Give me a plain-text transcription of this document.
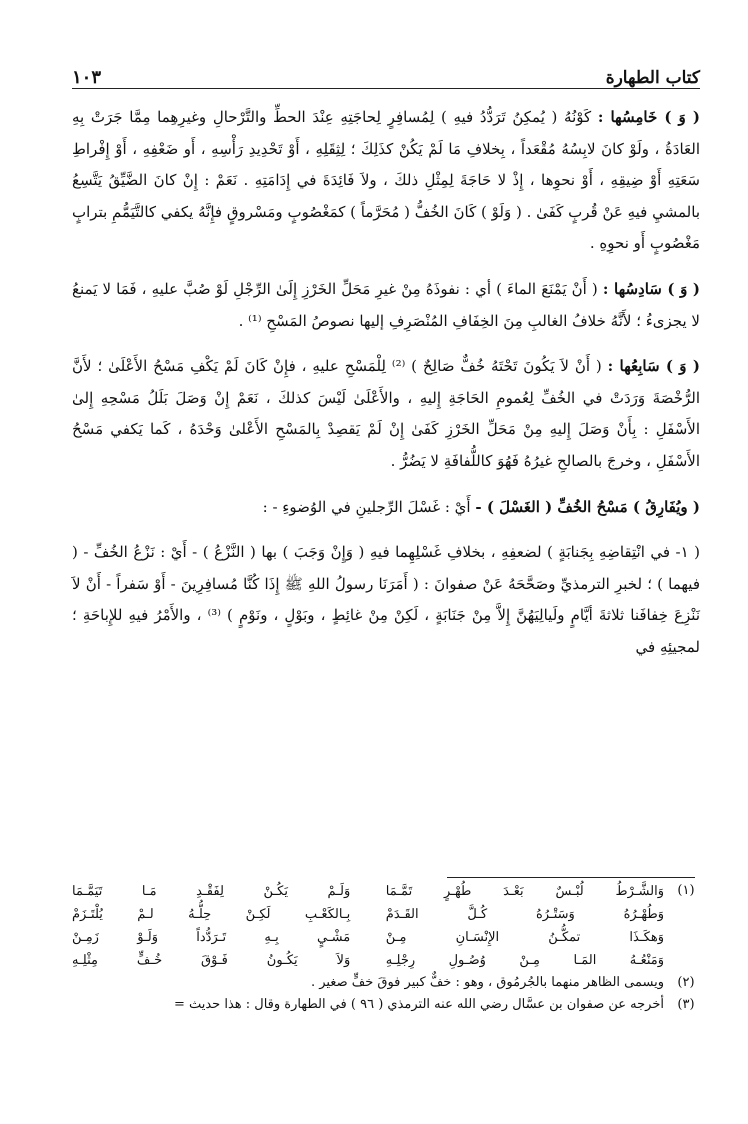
كتاب الطهارة
١٠٣

( وَ ) خَامِسُها : كَوْنُهُ ( يُمكِنُ تَرَدُّدُ فيهِ ) لِمُسافِرٍ لِحاجَتِهِ عِنْدَ الحطِّ والتَّرْحالِ وغيرِهِما مِمَّا جَرَتْ بِهِ العَادَةُ ، ولَوْ كانَ لابِسُهُ مُقْعَداً ، بِخلافِ مَا لَمْ يَكُنْ كذَلِكَ ؛ لِثِقَلِهِ ، أَوْ تَحْدِيدِ رَأْسِهِ ، أَو ضَعْفِهِ ، أَوْ إِفْراطِ سَعَتِهِ أَوْ ضِيقِهِ ، أَوْ نحوِها ، إِذْ لا حَاجَةَ لِمِثْلِ ذلكَ ، ولاَ فَائِدَةَ في إِدَامَتِهِ . نَعَمْ : إِنْ كانَ الضَّيِّقُ يَتَّسِعُ بالمشيِ فيهِ عَنْ قُربٍ كَفَىٰ . ( وَلَوْ ) كَانَ الخُفُّ ( مُحَرَّماً ) كمَغْصُوبٍ ومَسْروقٍ فإِنَّهُ يكفي كالتَّيَمُّمِ بترابٍ مَغْصُوبٍ أَو نحوِهِ .

( وَ ) سَادِسُها : ( أَنْ يَمْنَعَ الماءَ ) أي : نفوذَهُ مِنْ غيرِ مَحَلِّ الخَرْزِ إِلَىٰ الرِّجْلِ لَوْ صُبَّ عليهِ ، فَمَا لا يَمنعُ لا يجزىءُ ؛ لأَنَّهُ خلافُ الغالبِ مِنَ الخِفَافِ المُنْصَرِفِ إليها نصوصُ المَسْحِ ⁽¹⁾ .

( وَ ) سَابِعُها : ( أَنْ لاَ يَكُونَ تَحْتَهُ خُفٌّ صَالِحٌ ) ⁽²⁾ لِلْمَسْحِ عليهِ ، فإِنْ كَانَ لَمْ يَكْفِ مَسْحُ الأَعْلَىٰ ؛ لأَنَّ الرُّخْصَةَ وَرَدَتْ في الخُفِّ لِعُمومِ الحَاجَةِ إِليهِ ، والأَعْلَىٰ لَيْسَ كذلكَ ، نَعَمْ إِنْ وَصَلَ بَلَلُ مَسْحِهِ إِلىٰ الأَسْفَلِ : بِأَنْ وَصَلَ إِليهِ مِنْ مَحَلِّ الخَرْزِ كَفَىٰ إِنْ لَمْ يَقصِدْ بِالمَسْحِ الأَعْلىٰ وَحْدَهُ ، كَما يَكفي مَسْحُ الأَسْفَلِ ، وخرجَ بالصالحِ غيرُهُ فَهُوَ كاللُّفافَةِ لا يَضُرُّ .

( ويُفَارِقُ ) مَسْحُ الخُفِّ ( الغَسْلَ ) - أَيْ : غَسْلَ الرِّجلينِ في الوُضوءِ - :

( ١- في انْتِقاضِهِ بِجَنابَةٍ ) لضعفِهِ ، بخلافِ غَسْلِهِما فيهِ ( وَإِنْ وَجَبَ ) بها ( النَّزْعُ ) - أَيْ : نَزْعُ الخُفِّ - ( فيهما ) ؛ لخبرِ الترمذيِّ وصَحَّحَهُ عَنْ صفوانَ : ( أَمَرَنَا رسولُ اللهِ ﷺ إِذَا كُنَّا مُسافِرِينَ - أَوْ سَفراً - أَنْ لاَ نَنْزِعَ خِفافَنا ثلاثةَ أيَّامٍ ولَيالِيَهُنَّ إِلاَّ مِنْ جَنَابَةٍ ، لَكِنْ مِنْ غائِطٍ ، وبَوْلٍ ، ونَوْمٍ ) ⁽³⁾ ، والأَمْرُ فيهِ للإِباحَةِ ؛ لمجيئِهِ في

(١)
وَالشَّـرْطُ لُبْـسٌ بَعْـدَ طُهْـرٍ تَمَّـمَا
وَلَـمْ يَكُـنْ لِفَقْـدِ مَـا تَيَمَّـمَا
وَطُهْـرُهُ وَسَتْـرُهُ كُـلَّ القَـدَمْ
بِـالكَعْـبِ لَكِـنْ حِلُّـهُ لـمْ يُلْتَـزَمْ
وَهكَـذَا تمكُّـنُ الإِنْسَـانِ مِـنْ
مَشْـيٍ بِـهِ تَـرَدُّداً وَلَـوْ زَمِـنْ
وَمَنْعُـهُ المَـا مِـنْ وُصُـولِ رِجْلِـهِ
وَلاَ يَكُـونُ فَـوْقَ خُـفٍّ مِثْلِـهِ
(٢)
ويسمى الظاهر منهما بالجُرمُوق ، وهو : خفٌّ كبير فوقَ خفٍّ صغير .
(٣)
أخرجه عن صفوان بن عسَّال رضي الله عنه الترمذي ( ٩٦ ) في الطهارة وقال : هذا حديث =
